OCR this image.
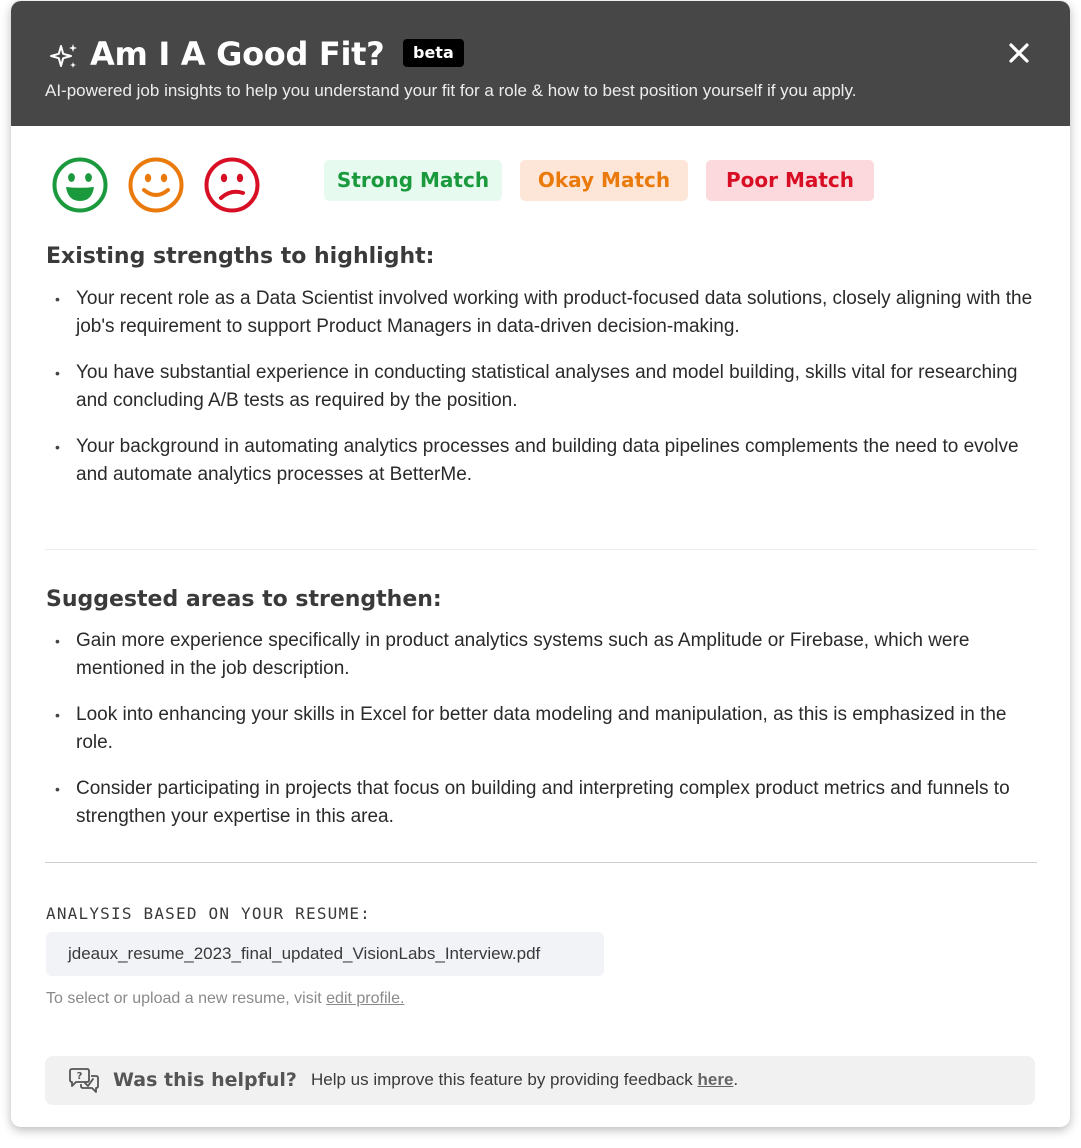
Am I A Good Fit?	beta
AI-powered job insights to help you understand your fit for a role & how to best position yourself if you apply.
Strong Match	Okay Match	Poor Match
Existing strengths to highlight:
• Your recent role as a Data Scientist involved working with product-focused data solutions, closely aligning with the job's requirement to support Product Managers in data-driven decision-making.
• You have substantial experience in conducting statistical analyses and model building, skills vital for researching and concluding A/B tests as required by the position.
• Your background in automating analytics processes and building data pipelines complements the need to evolve and automate analytics processes at BetterMe.
Suggested areas to strengthen:
• Gain more experience specifically in product analytics systems such as Amplitude or Firebase, which were mentioned in the job description.
• Look into enhancing your skills in Excel for better data modeling and manipulation, as this is emphasized in the role.
• Consider participating in projects that focus on building and interpreting complex product metrics and funnels to strengthen your expertise in this area.
ANALYSIS BASED ON YOUR RESUME:
jdeaux_resume_2023_final_updated_VisionLabs_Interview.pdf
To select or upload a new resume, visit edit profile.
? Was this helpful? Help us improve this feature by providing feedback here.
